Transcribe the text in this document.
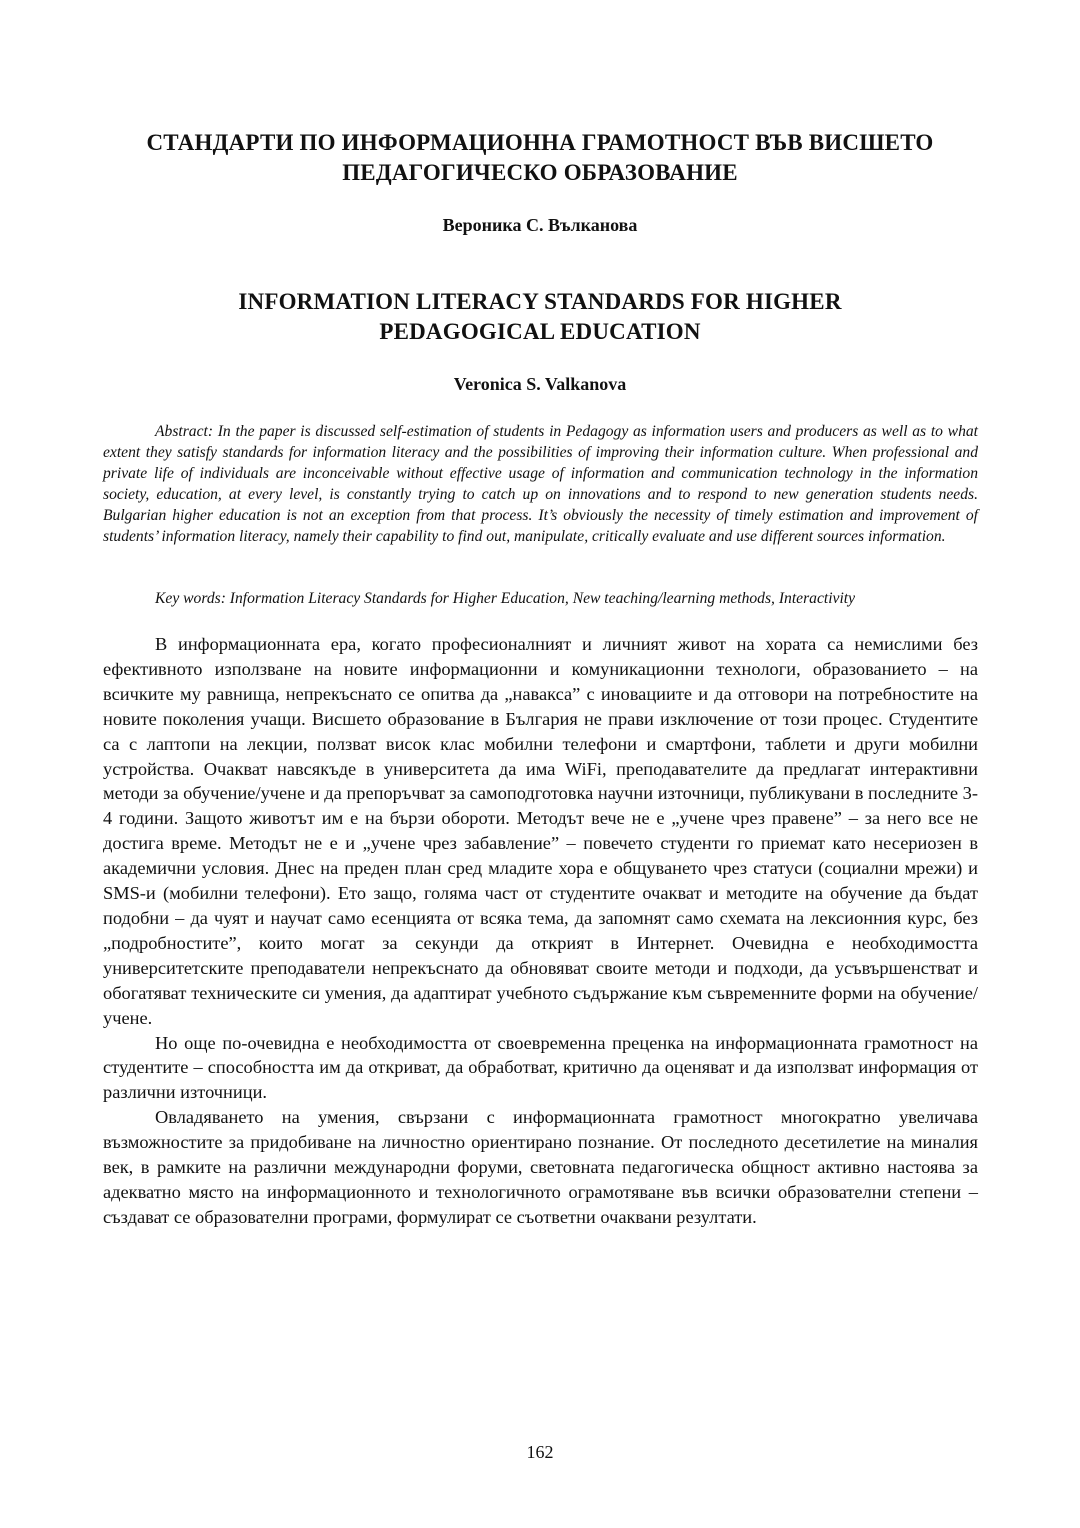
СТАНДАРТИ ПО ИНФОРМАЦИОННА ГРАМОТНОСТ ВЪВ ВИСШЕТО
ПЕДАГОГИЧЕСКО ОБРАЗОВАНИЕ
Вероника С. Вълканова
INFORMATION LITERACY STANDARDS FOR HIGHER
PEDAGOGICAL EDUCATION
Veronica S. Valkanova

Abstract: In the paper is discussed self-estimation of students in Pedagogy as information users and producers as well as to what extent they satisfy standards for information literacy and the possibilities of improving their information culture. When professional and private life of individuals are inconceivable without effective usage of information and communication technology in the information society, education, at every level, is constantly trying to catch up on innovations and to respond to new generation students needs. Bulgarian higher education is not an exception from that process. It’s obviously the necessity of timely estimation and improvement of students’ information literacy, namely their capability to find out, manipulate, critically evaluate and use different sources information.

Key words: Information Literacy Standards for Higher Education, New teaching/learning methods, Interactivity

В информационната ера, когато професионалният и личният живот на хората са немислими без ефективното използване на новите информационни и комуникационни технологи, образованието – на всичките му равнища, непрекъснато се опитва да „навакса” с иновациите и да отговори на потребностите на новите поколения учащи. Висшето образование в България не прави изключение от този процес. Студентите са с лаптопи на лекции, ползват висок клас мобилни телефони и смартфони, таблети и други мобилни устройства. Очакват навсякъде в университета да има WiFi, преподавателите да предлагат интерактивни методи за обучение/учене и да препоръчват за самоподготовка научни източници, публикувани в последните 3-4 години. Защото животът им е на бързи обороти. Методът вече не е „учене чрез правене” – за него все не достига време. Методът не е и „учене чрез забавление” – повечето студенти го приемат като несериозен в академични условия. Днес на преден план сред младите хора е общуването чрез статуси (социални мрежи) и SMS-и (мобилни телефони). Ето защо, голяма част от студентите очакват и методите на обучение да бъдат подобни – да чуят и научат само есенцията от всяка тема, да запомнят само схемата на лексионния курс, без „подробностите”, които могат за секунди да открият в Интернет. Очевидна е необходимостта университетските преподаватели непрекъснато да обновяват своите методи и подходи, да усъвършенстват и обогатяват техническите си умения, да адаптират учебното съдържание към съвременните форми на обучение/учене.

Но още по-очевидна е необходимостта от своевременна преценка на информационната грамотност на студентите – способността им да откриват, да обработват, критично да оценяват и да използват информация от различни източници.

Овладяването на умения, свързани с информационната грамотност многократно увеличава възможностите за придобиване на личностно ориентирано познание. От последното десетилетие на миналия век, в рамките на различни международни форуми, световната педагогическа общност активно настоява за адекватно място на информационното и технологичното ограмотяване във всички образователни степени – създават се образователни програми, формулират се съответни очаквани резултати.

162
